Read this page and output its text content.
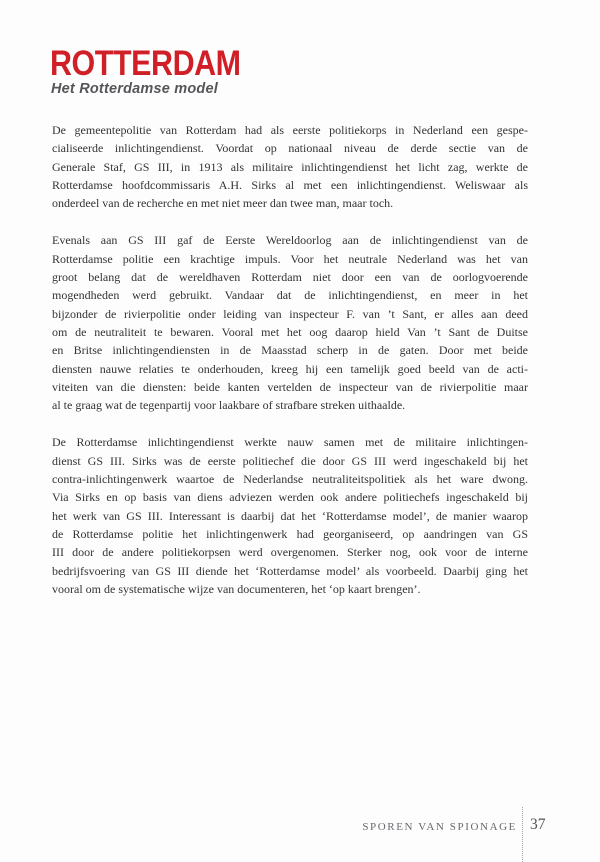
ROTTERDAM
Het Rotterdamse model
De gemeentepolitie van Rotterdam had als eerste politiekorps in Nederland een gespe-
cialiseerde inlichtingendienst. Voordat op nationaal niveau de derde sectie van de
Generale Staf, GS III, in 1913 als militaire inlichtingendienst het licht zag, werkte de
Rotterdamse hoofdcommissaris A.H. Sirks al met een inlichtingendienst. Weliswaar als
onderdeel van de recherche en met niet meer dan twee man, maar toch.
Evenals aan GS III gaf de Eerste Wereldoorlog aan de inlichtingendienst van de
Rotterdamse politie een krachtige impuls. Voor het neutrale Nederland was het van
groot belang dat de wereldhaven Rotterdam niet door een van de oorlogvoerende
mogendheden werd gebruikt. Vandaar dat de inlichtingendienst, en meer in het
bijzonder de rivierpolitie onder leiding van inspecteur F. van ’t Sant, er alles aan deed
om de neutraliteit te bewaren. Vooral met het oog daarop hield Van ’t Sant de Duitse
en Britse inlichtingendiensten in de Maasstad scherp in de gaten. Door met beide
diensten nauwe relaties te onderhouden, kreeg hij een tamelijk goed beeld van de acti-
viteiten van die diensten: beide kanten vertelden de inspecteur van de rivierpolitie maar
al te graag wat de tegenpartij voor laakbare of strafbare streken uithaalde.
De Rotterdamse inlichtingendienst werkte nauw samen met de militaire inlichtingen-
dienst GS III. Sirks was de eerste politiechef die door GS III werd ingeschakeld bij het
contra-inlichtingenwerk waartoe de Nederlandse neutraliteitspolitiek als het ware dwong.
Via Sirks en op basis van diens adviezen werden ook andere politiechefs ingeschakeld bij
het werk van GS III. Interessant is daarbij dat het ‘Rotterdamse model’, de manier waarop
de Rotterdamse politie het inlichtingenwerk had georganiseerd, op aandringen van GS
III door de andere politiekorpsen werd overgenomen. Sterker nog, ook voor de interne
bedrijfsvoering van GS III diende het ‘Rotterdamse model’ als voorbeeld. Daarbij ging het
vooral om de systematische wijze van documenteren, het ‘op kaart brengen’.
SPOREN VAN SPIONAGE 37
